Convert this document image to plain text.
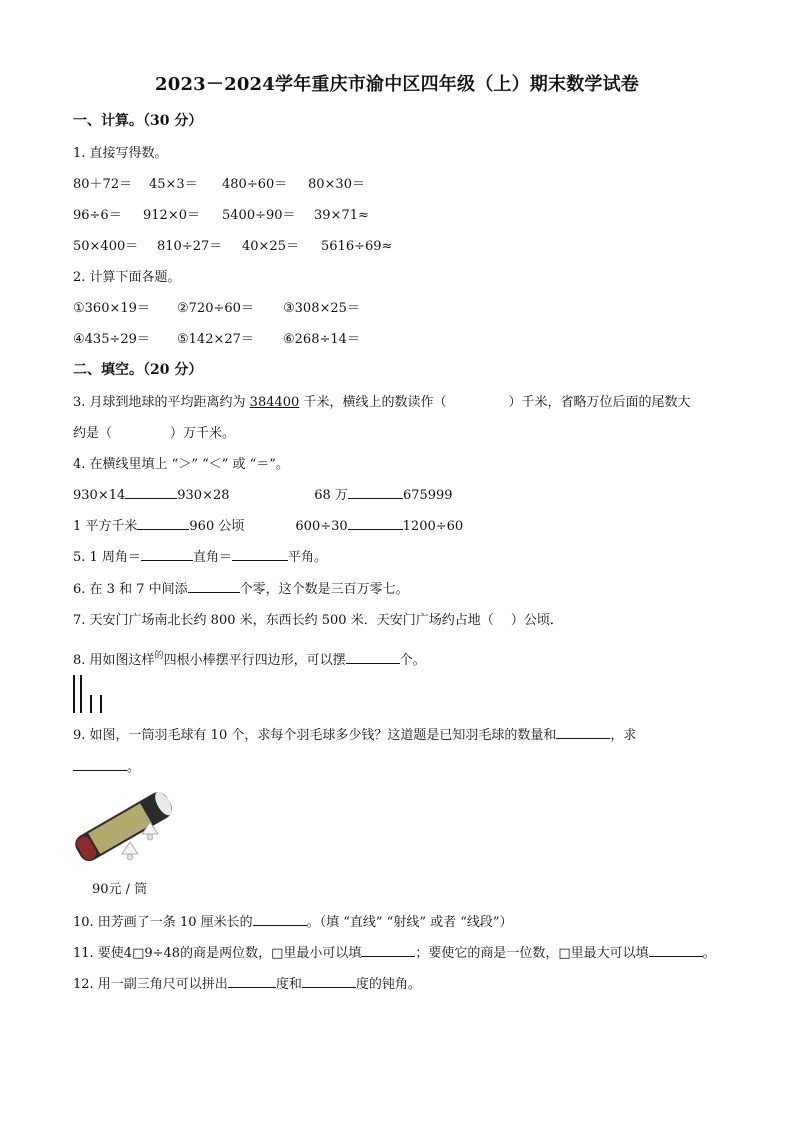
2023－2024学年重庆市渝中区四年级（上）期末数学试卷
一、计算。（30 分）
1. 直接写得数。
80＋72＝ 45×3＝ 480÷60＝ 80×30＝
96÷6＝ 912×0＝ 5400÷90＝ 39×71≈
50×400＝ 810÷27＝ 40×25＝ 5616÷69≈
2. 计算下面各题。
①360×19＝ ②720÷60＝ ③308×25＝
④435÷29＝ ⑤142×27＝ ⑥268÷14＝
二、填空。（20 分）
3. 月球到地球的平均距离约为 384400 千米，横线上的数读作（	）千米，省略万位后面的尾数大
约是（	）万千米。
4. 在横线里填上 “＞” “＜” 或 “＝”。
930×14	930×28	68 万	675999
1 平方千米	960 公顷	600÷30	1200÷60
5. 1 周角＝	直角＝	平角。
6. 在 3 和 7 中间添	个零，这个数是三百万零七。
7. 天安门广场南北长约 800 米，东西长约 500 米．天安门广场约占地（　 ）公顷．
8. 用如图这样$^的$四根小棒摆平行四边形，可以摆	个。
9. 如图，一筒羽毛球有 10 个，求每个羽毛球多少钱？这道题是已知羽毛球的数量和	，求
。
90元 / 筒
10. 田芳画了一条 10 厘米长的	。（填 “直线” “射线” 或者 “线段”）
11. 要使4□9÷48的商是两位数，□里最小可以填	；要使它的商是一位数，□里最大可以填	。
12. 用一副三角尺可以拼出	度和	度的钝角。
